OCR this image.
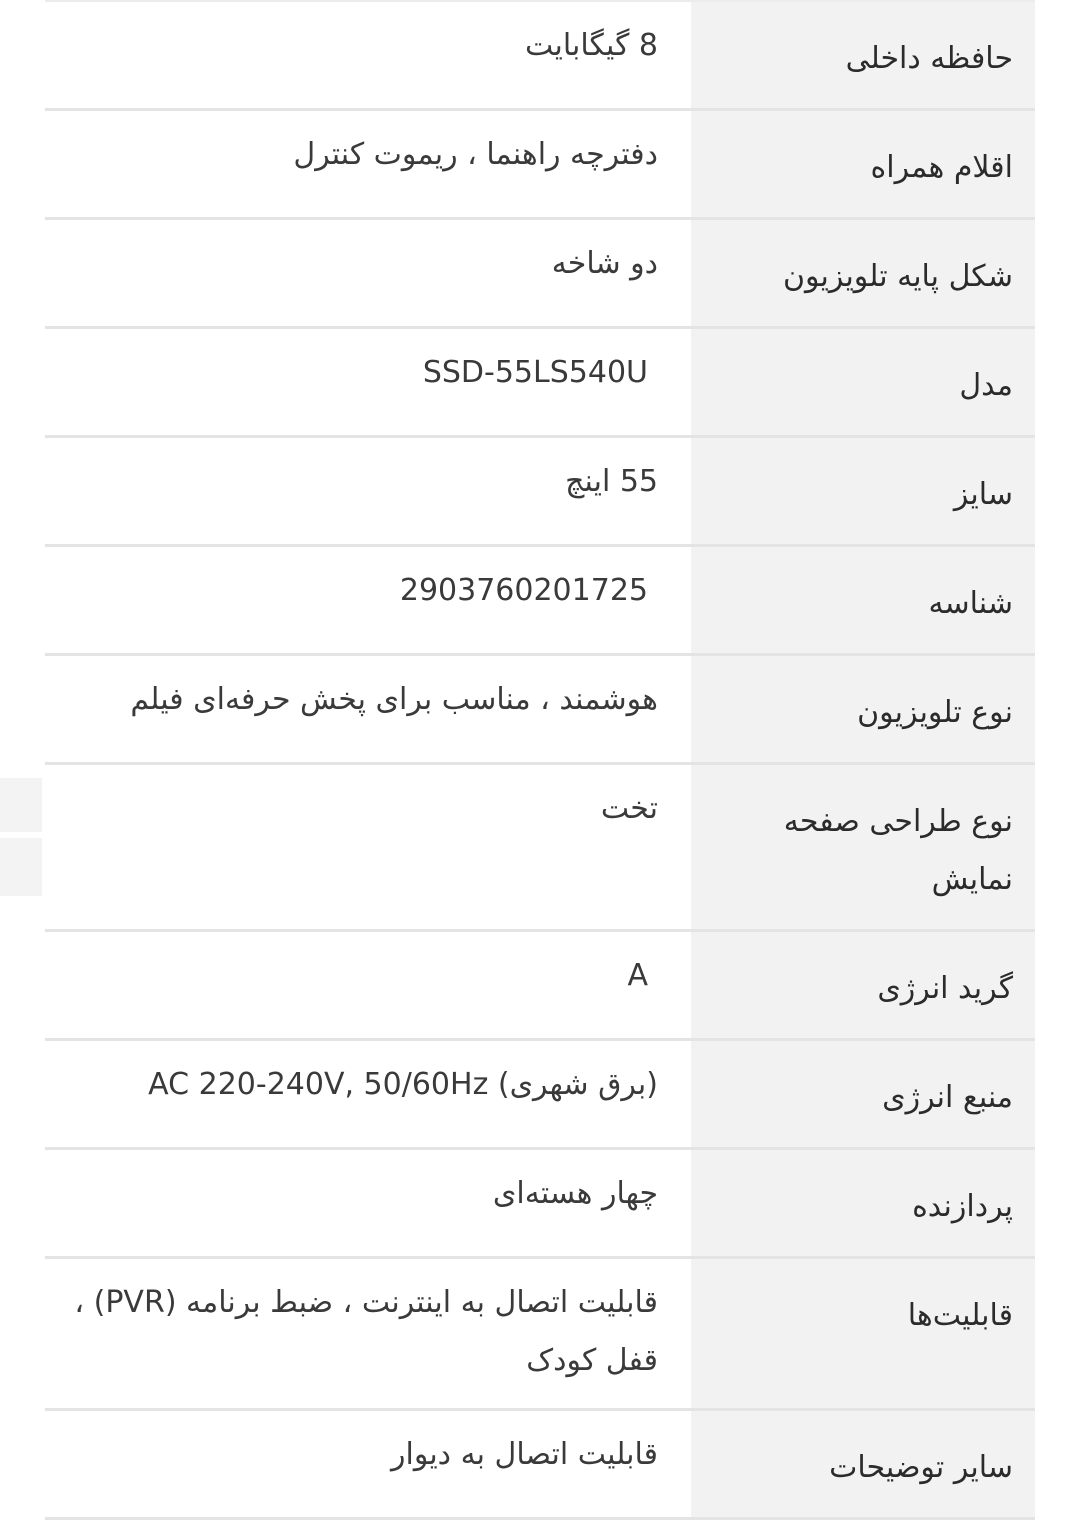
حافظه داخلی
8 گیگابایت
اقلام همراه
دفترچه راهنما ، ریموت کنترل
شکل پایه تلویزیون
دو شاخه
مدل
SSD-55LS540U
سایز
55 اینچ
شناسه
2903760201725
نوع تلویزیون
هوشمند ، مناسب برای پخش حرفه‌ای فیلم
نوع طراحی صفحه نمایش
تخت
گرید انرژی
A
منبع انرژی
(برق شهری) AC 220-240V, 50/60Hz
پردازنده
چهار هسته‌ای
قابلیت‌ها
قابلیت اتصال به اینترنت ، ضبط برنامه (PVR) ، قفل کودک
سایر توضیحات
قابلیت اتصال به دیوار
